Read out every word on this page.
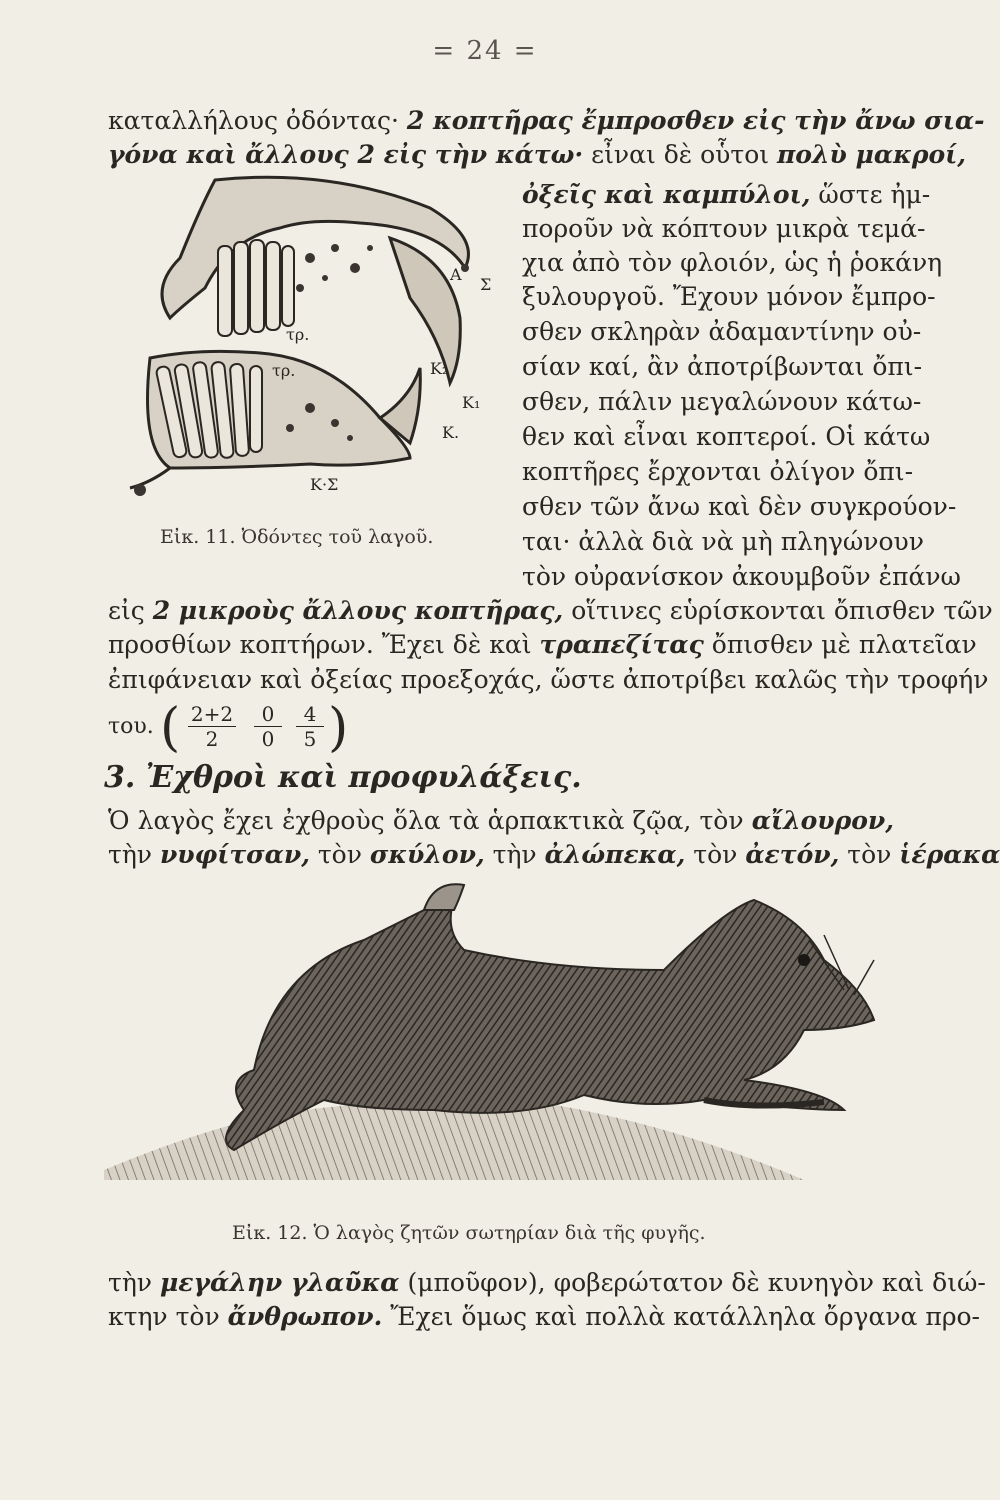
= 24 =
καταλλήλους ὀδόντας· 2 κοπτῆρας ἔμπροσθεν εἰς τὴν ἄνω σια-
γόνα καὶ ἄλλους 2 εἰς τὴν κάτω· εἶναι δὲ οὗτοι πολὺ μακροί,
ὀξεῖς καὶ καμπύλοι, ὥστε ἠμ-
ποροῦν νὰ κόπτουν μικρὰ τεμά-
χια ἀπὸ τὸν φλοιόν, ὡς ἡ ῥοκάνη
ξυλουργοῦ. Ἔχουν μόνον ἔμπρο-
σθεν σκληρὰν ἀδαμαντίνην οὐ-
σίαν καί, ἂν ἀποτρίβωνται ὄπι-
σθεν, πάλιν μεγαλώνουν κάτω-
θεν καὶ εἶναι κοπτεροί. Οἱ κάτω
κοπτῆρες ἔρχονται ὀλίγον ὄπι-
σθεν τῶν ἄνω καὶ δὲν συγκρούον-
ται· ἀλλὰ διὰ νὰ μὴ πληγώνουν
τὸν οὐρανίσκον ἀκουμβοῦν ἐπάνω
εἰς 2 μικροὺς ἄλλους κοπτῆρας, οἵτινες εὑρίσκονται ὄπισθεν τῶν
προσθίων κοπτήρων. Ἔχει δὲ καὶ τραπεζίτας ὄπισθεν μὲ πλατεῖαν
ἐπιφάνειαν καὶ ὀξείας προεξοχάς, ὥστε ἀποτρίβει καλῶς τὴν τροφήν
του. ( $\frac{2+2}{2} \frac{0}{0} \frac{4}{5}$ )
3. Ἐχθροὶ καὶ προφυλάξεις.
Ὁ λαγὸς ἔχει ἐχθροὺς ὅλα τὰ ἁρπακτικὰ ζῷα, τὸν αἴλουρον,
τὴν νυφίτσαν, τὸν σκύλον, τὴν ἀλώπεκα, τὸν ἀετόν, τὸν ἱέρακα
Α
Σ
τρ.
τρ.	Κ₂
Κ₁
Κ.
Κ·Σ
Εἰκ. 11. Ὀδόντες τοῦ λαγοῦ.
Εἰκ. 12. Ὁ λαγὸς ζητῶν σωτηρίαν διὰ τῆς φυγῆς.
τὴν μεγάλην γλαῦκα (μποῦφον), φοβερώτατον δὲ κυνηγὸν καὶ διώ-
κτην τὸν ἄνθρωπον. Ἔχει ὅμως καὶ πολλὰ κατάλληλα ὄργανα προ-
